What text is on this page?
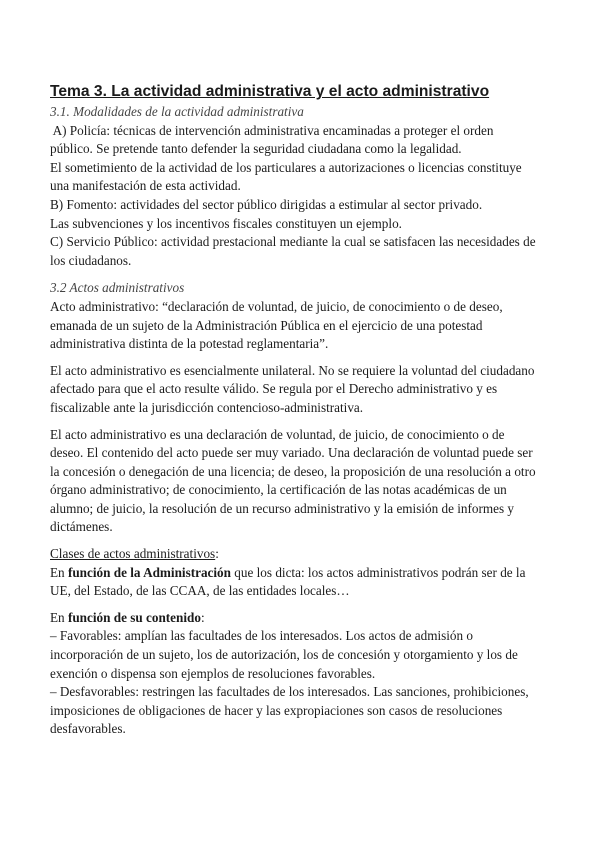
Tema 3. La actividad administrativa y el acto administrativo
3.1. Modalidades de la actividad administrativa

A) Policía: técnicas de intervención administrativa encaminadas a proteger el orden
público. Se pretende tanto defender la seguridad ciudadana como la legalidad.
El sometimiento de la actividad de los particulares a autorizaciones o licencias constituye
una manifestación de esta actividad.
B) Fomento: actividades del sector público dirigidas a estimular al sector privado.
Las subvenciones y los incentivos fiscales constituyen un ejemplo.
C) Servicio Público: actividad prestacional mediante la cual se satisfacen las necesidades de
los ciudadanos.

3.2 Actos administrativos

Acto administrativo: “declaración de voluntad, de juicio, de conocimiento o de deseo,
emanada de un sujeto de la Administración Pública en el ejercicio de una potestad
administrativa distinta de la potestad reglamentaria”.

El acto administrativo es esencialmente unilateral. No se requiere la voluntad del ciudadano
afectado para que el acto resulte válido. Se regula por el Derecho administrativo y es
fiscalizable ante la jurisdicción contencioso-administrativa.

El acto administrativo es una declaración de voluntad, de juicio, de conocimiento o de
deseo. El contenido del acto puede ser muy variado. Una declaración de voluntad puede ser
la concesión o denegación de una licencia; de deseo, la proposición de una resolución a otro
órgano administrativo; de conocimiento, la certificación de las notas académicas de un
alumno; de juicio, la resolución de un recurso administrativo y la emisión de informes y
dictámenes.

Clases de actos administrativos:

En función de la Administración que los dicta: los actos administrativos podrán ser de la
UE, del Estado, de las CCAA, de las entidades locales…

En función de su contenido:
– Favorables: amplían las facultades de los interesados. Los actos de admisión o
incorporación de un sujeto, los de autorización, los de concesión y otorgamiento y los de
exención o dispensa son ejemplos de resoluciones favorables.
– Desfavorables: restringen las facultades de los interesados. Las sanciones, prohibiciones,
imposiciones de obligaciones de hacer y las expropiaciones son casos de resoluciones
desfavorables.
